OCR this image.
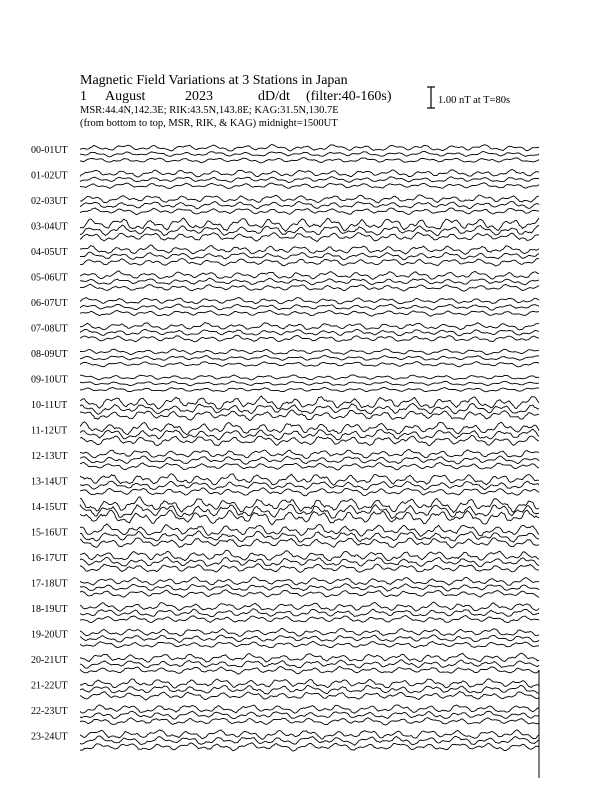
Magnetic Field Variations at 3 Stations in Japan
1 August	2023	dD/dt (filter:40-160s)
MSR:44.4N,142.3E; RIK:43.5N,143.8E; KAG:31.5N,130.7E
(from bottom to top, MSR, RIK, & KAG) midnight=1500UT
1.00 nT at T=80s
00-01UT
01-02UT
02-03UT
03-04UT
04-05UT
05-06UT
06-07UT
07-08UT
08-09UT
09-10UT
10-11UT
11-12UT
12-13UT
13-14UT
14-15UT
15-16UT
16-17UT
17-18UT
18-19UT
19-20UT
20-21UT
21-22UT
22-23UT
23-24UT
